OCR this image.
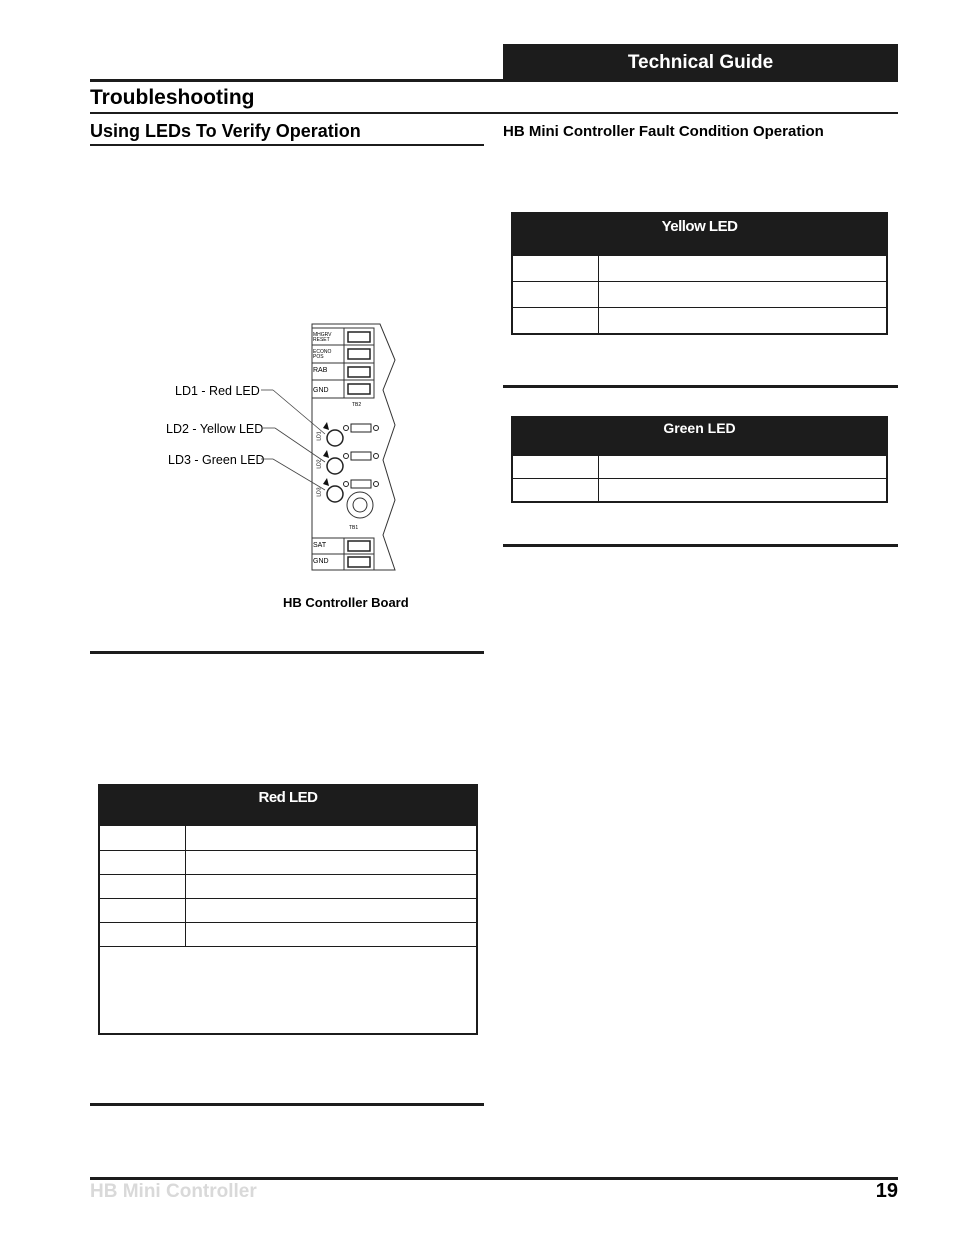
Technical Guide
Troubleshooting
Using LEDs To Verify Operation	HB Mini Controller Fault Condition Operation
LD1 - Red LED
LD2 - Yellow LED
LD3 - Green LED
MHGRV RESET
ECONO POS
RAB
GND
TB2
LD1
LD2
LD3
TB1
SAT
GND
HB Controller Board
Red LED	

Yellow LED	

Green LED	

HB Mini Controller	19
